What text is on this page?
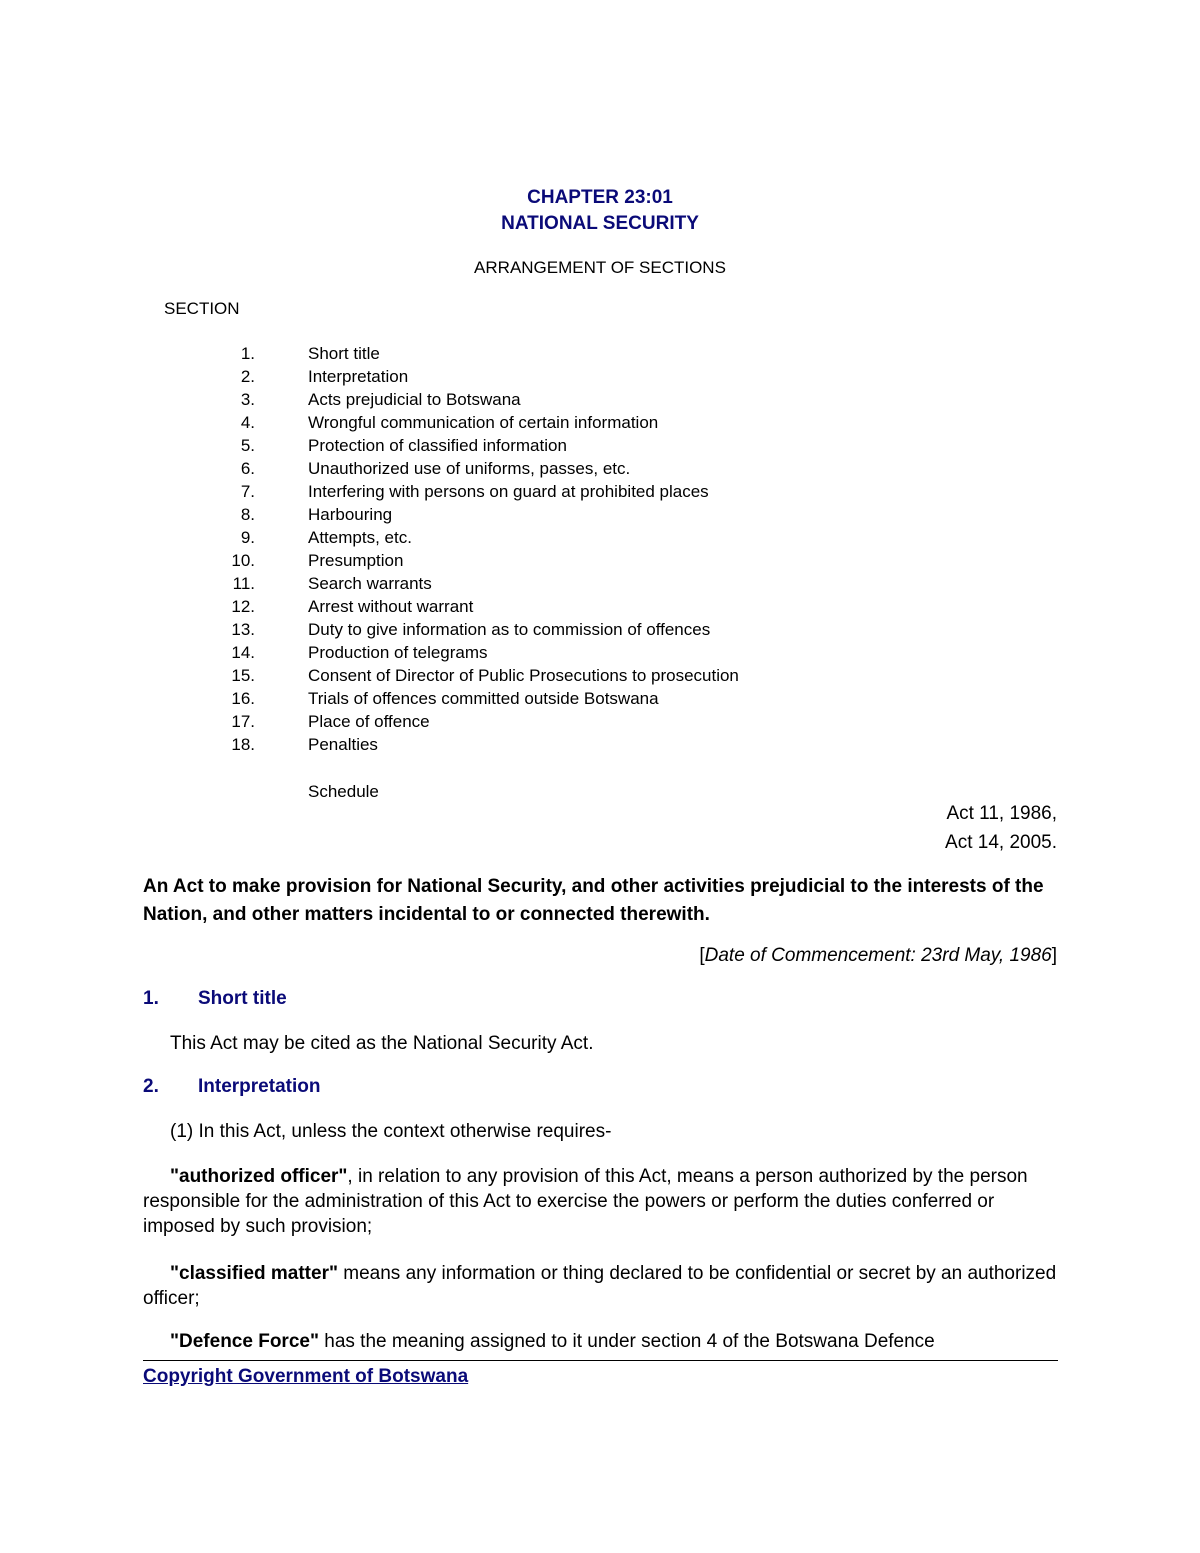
CHAPTER 23:01
NATIONAL SECURITY
ARRANGEMENT OF SECTIONS
SECTION
1.	Short title
2.	Interpretation
3.	Acts prejudicial to Botswana
4.	Wrongful communication of certain information
5.	Protection of classified information
6.	Unauthorized use of uniforms, passes, etc.
7.	Interfering with persons on guard at prohibited places
8.	Harbouring
9.	Attempts, etc.
10.	Presumption
11.	Search warrants
12.	Arrest without warrant
13.	Duty to give information as to commission of offences
14.	Production of telegrams
15.	Consent of Director of Public Prosecutions to prosecution
16.	Trials of offences committed outside Botswana
17.	Place of offence
18.	Penalties
Schedule
Act 11, 1986,
Act 14, 2005.
An Act to make provision for National Security, and other activities prejudicial to the interests of the Nation, and other matters incidental to or connected therewith.
[Date of Commencement: 23rd May, 1986]
1. Short title
This Act may be cited as the National Security Act.
2. Interpretation
(1) In this Act, unless the context otherwise requires-
"authorized officer", in relation to any provision of this Act, means a person authorized by the person responsible for the administration of this Act to exercise the powers or perform the duties conferred or imposed by such provision;
"classified matter" means any information or thing declared to be confidential or secret by an authorized officer;
"Defence Force" has the meaning assigned to it under section 4 of the Botswana Defence
Copyright Government of Botswana
